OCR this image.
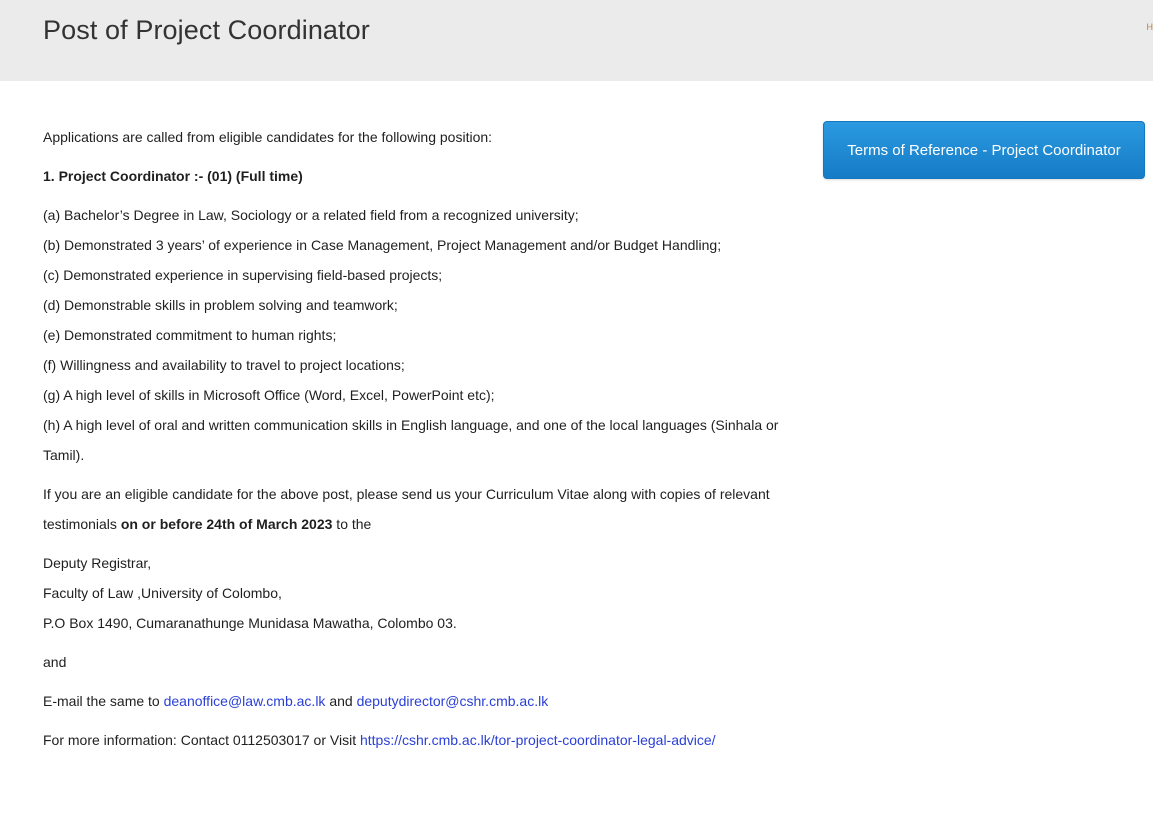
Post of Project Coordinator	H
Terms of Reference - Project Coordinator

Applications are called from eligible candidates for the following position:

1. Project Coordinator :- (01) (Full time)

(a) Bachelor’s Degree in Law, Sociology or a related field from a recognized university;

(b) Demonstrated 3 years’ of experience in Case Management, Project Management and/or Budget Handling;

(c) Demonstrated experience in supervising field-based projects;

(d) Demonstrable skills in problem solving and teamwork;

(e) Demonstrated commitment to human rights;

(f) Willingness and availability to travel to project locations;

(g) A high level of skills in Microsoft Office (Word, Excel, PowerPoint etc);

(h) A high level of oral and written communication skills in English language, and one of the local languages (Sinhala or Tamil).

If you are an eligible candidate for the above post, please send us your Curriculum Vitae along with copies of relevant testimonials on or before 24th of March 2023 to the

Deputy Registrar,

Faculty of Law ,University of Colombo,

P.O Box 1490, Cumaranathunge Munidasa Mawatha, Colombo 03.

and

E-mail the same to deanoffice@law.cmb.ac.lk and deputydirector@cshr.cmb.ac.lk

For more information: Contact 0112503017 or Visit https://cshr.cmb.ac.lk/tor-project-coordinator-legal-advice/
